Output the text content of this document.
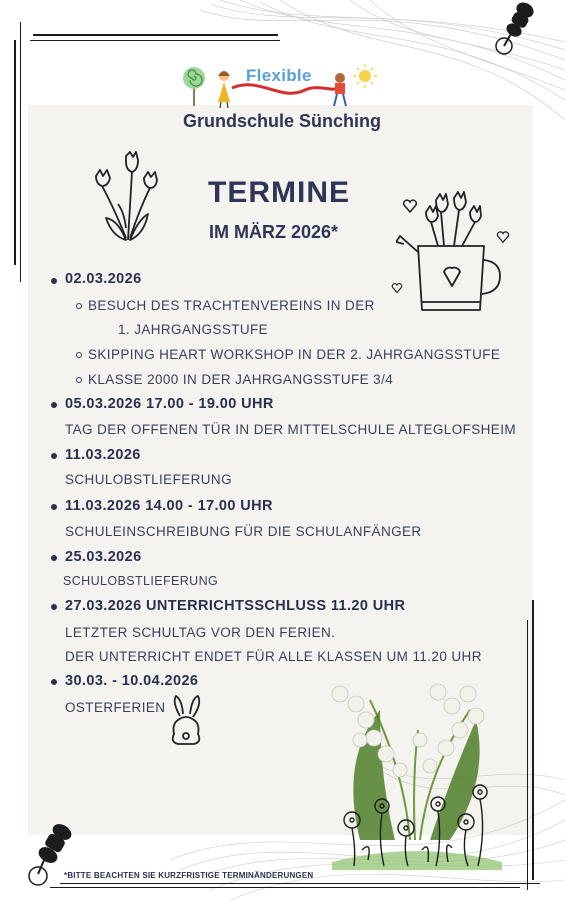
Flexible
Grundschule Sünching
TERMINE
IM MÄRZ 2026*
02.03.2026
BESUCH DES TRACHTENVEREINS IN DER
1. JAHRGANGSSTUFE
SKIPPING HEART WORKSHOP IN DER 2. JAHRGANGSSTUFE
KLASSE 2000 IN DER JAHRGANGSSTUFE 3/4
05.03.2026 17.00 - 19.00 UHR
TAG DER OFFENEN TÜR IN DER MITTELSCHULE ALTEGLOFSHEIM
11.03.2026
SCHULOBSTLIEFERUNG
11.03.2026 14.00 - 17.00 UHR
SCHULEINSCHREIBUNG FÜR DIE SCHULANFÄNGER
25.03.2026
SCHULOBSTLIEFERUNG
27.03.2026 UNTERRICHTSSCHLUSS 11.20 UHR
LETZTER SCHULTAG VOR DEN FERIEN.
DER UNTERRICHT ENDET FÜR ALLE KLASSEN UM 11.20 UHR
30.03. - 10.04.2026
OSTERFERIEN
*BITTE BEACHTEN SIE KURZFRISTIGE TERMINÄNDERUNGEN
